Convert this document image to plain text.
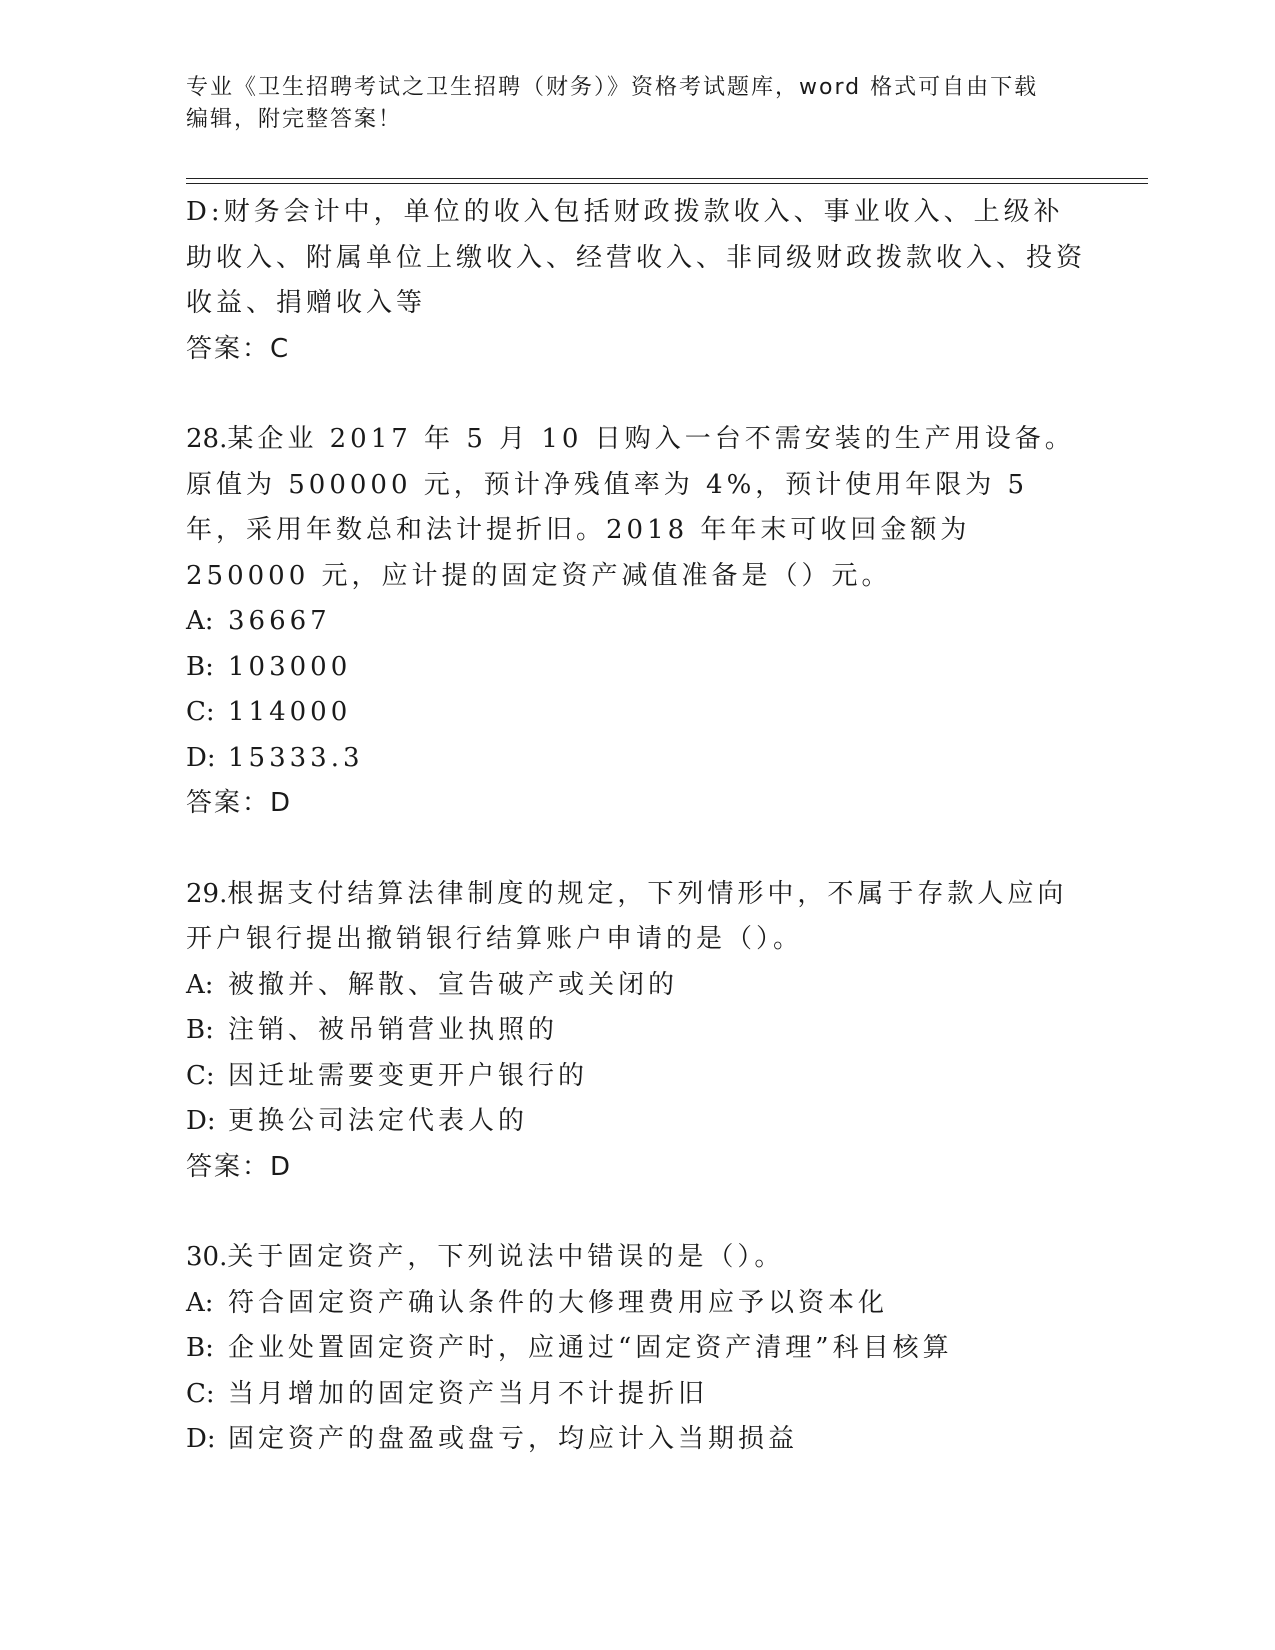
专业《卫生招聘考试之卫生招聘（财务）》资格考试题库，word 格式可自由下载
编辑，附完整答案！
D:财务会计中，单位的收入包括财政拨款收入、事业收入、上级补助收入、附属单位上缴收入、经营收入、非同级财政拨款收入、投资收益、捐赠收入等
答案：C
28.某企业 2017 年 5 月 10 日购入一台不需安装的生产用设备。原值为 500000 元，预计净残值率为 4%，预计使用年限为 5 年，采用年数总和法计提折旧。2018 年年末可收回金额为 250000 元，应计提的固定资产减值准备是（）元。
A: 36667
B: 103000
C: 114000
D: 15333.3
答案：D
29.根据支付结算法律制度的规定，下列情形中，不属于存款人应向开户银行提出撤销银行结算账户申请的是（）。
A: 被撤并、解散、宣告破产或关闭的
B: 注销、被吊销营业执照的
C: 因迁址需要变更开户银行的
D: 更换公司法定代表人的
答案：D
30.关于固定资产，下列说法中错误的是（）。
A: 符合固定资产确认条件的大修理费用应予以资本化
B: 企业处置固定资产时，应通过“固定资产清理”科目核算
C: 当月增加的固定资产当月不计提折旧
D: 固定资产的盘盈或盘亏，均应计入当期损益
